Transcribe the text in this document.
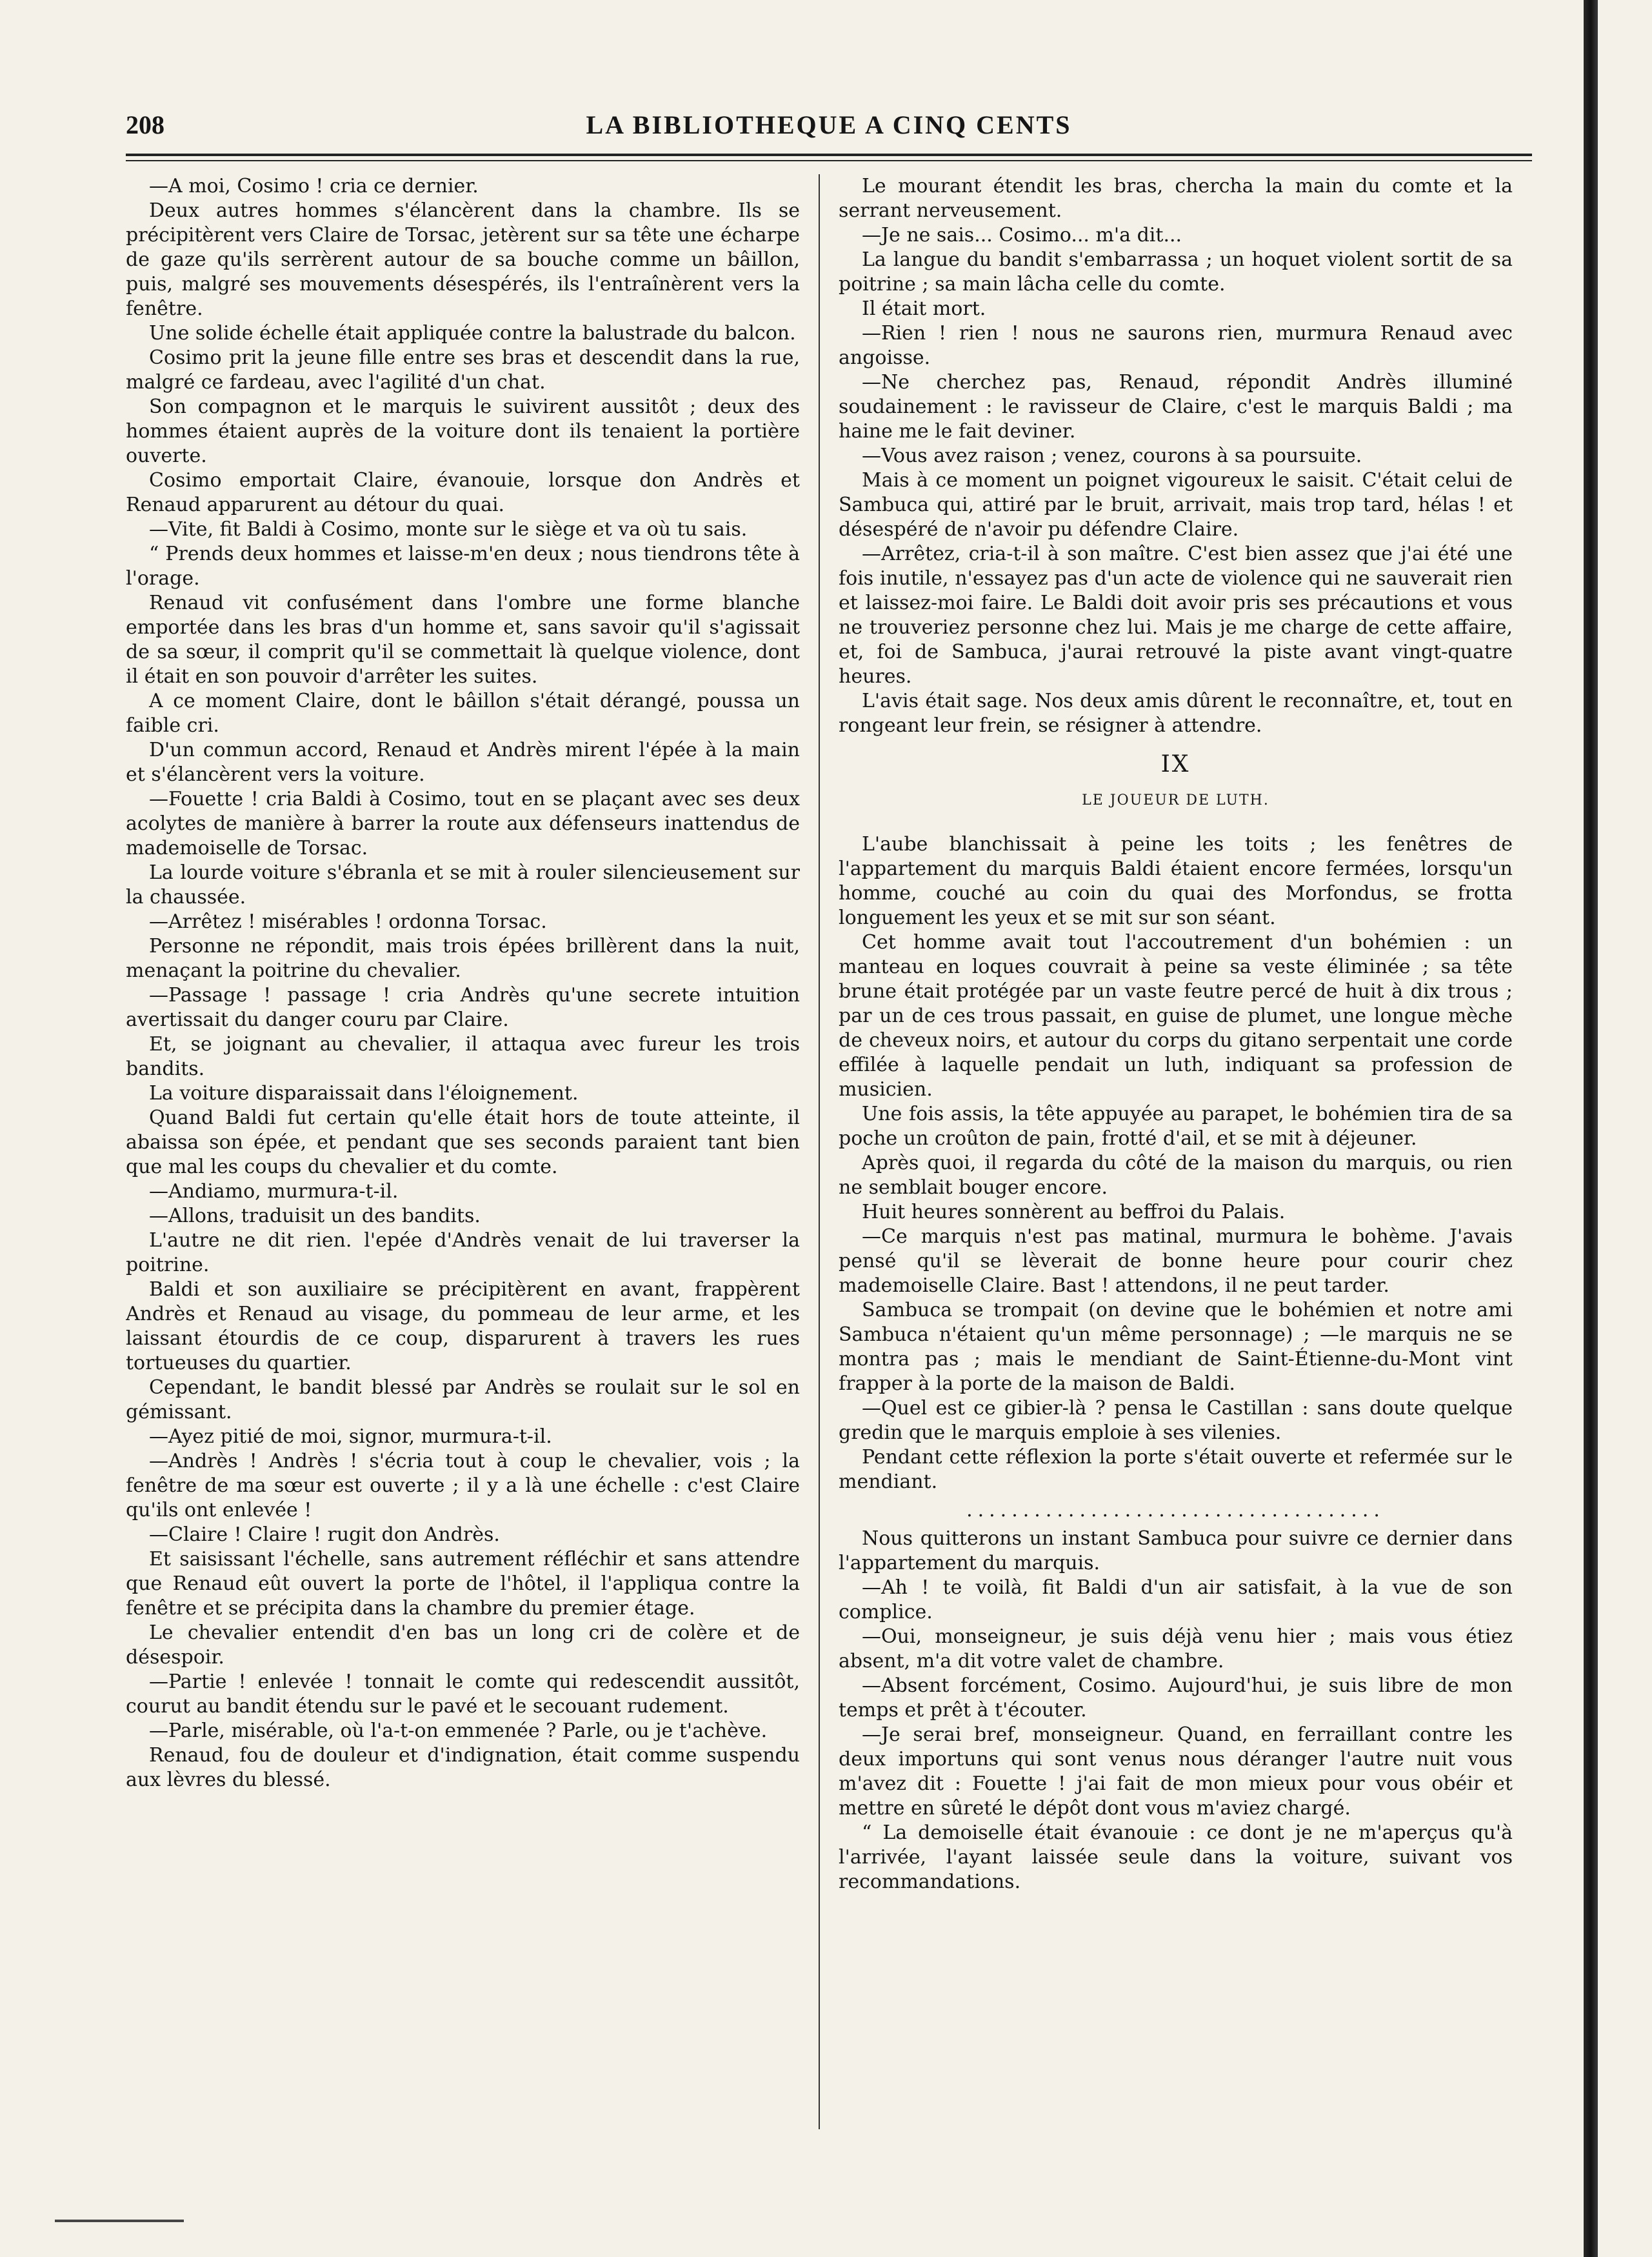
208	LA BIBLIOTHEQUE A CINQ CENTS

—A moi, Cosimo ! cria ce dernier.

Deux autres hommes s'élancèrent dans la chambre. Ils se précipitèrent vers Claire de Torsac, jetèrent sur sa tête une écharpe de gaze qu'ils serrèrent autour de sa bouche comme un bâillon, puis, malgré ses mouvements désespérés, ils l'entraînèrent vers la fenêtre.

Une solide échelle était appliquée contre la balustrade du balcon.

Cosimo prit la jeune fille entre ses bras et descendit dans la rue, malgré ce fardeau, avec l'agilité d'un chat.

Son compagnon et le marquis le suivirent aussitôt ; deux des hommes étaient auprès de la voiture dont ils tenaient la portière ouverte.

Cosimo emportait Claire, évanouie, lorsque don Andrès et Renaud apparurent au détour du quai.

—Vite, fit Baldi à Cosimo, monte sur le siège et va où tu sais.

“ Prends deux hommes et laisse-m'en deux ; nous tiendrons tête à l'orage.

Renaud vit confusément dans l'ombre une forme blanche emportée dans les bras d'un homme et, sans savoir qu'il s'agissait de sa sœur, il comprit qu'il se commettait là quelque violence, dont il était en son pouvoir d'arrêter les suites.

A ce moment Claire, dont le bâillon s'était dérangé, poussa un faible cri.

D'un commun accord, Renaud et Andrès mirent l'épée à la main et s'élancèrent vers la voiture.

—Fouette ! cria Baldi à Cosimo, tout en se plaçant avec ses deux acolytes de manière à barrer la route aux défenseurs inattendus de mademoiselle de Torsac.

La lourde voiture s'ébranla et se mit à rouler silencieusement sur la chaussée.

—Arrêtez ! misérables ! ordonna Torsac.

Personne ne répondit, mais trois épées brillèrent dans la nuit, menaçant la poitrine du chevalier.

—Passage ! passage ! cria Andrès qu'une secrete intuition avertissait du danger couru par Claire.

Et, se joignant au chevalier, il attaqua avec fureur les trois bandits.

La voiture disparaissait dans l'éloignement.

Quand Baldi fut certain qu'elle était hors de toute atteinte, il abaissa son épée, et pendant que ses seconds paraient tant bien que mal les coups du chevalier et du comte.

—Andiamo, murmura-t-il.

—Allons, traduisit un des bandits.

L'autre ne dit rien. l'epée d'Andrès venait de lui traverser la poitrine.

Baldi et son auxiliaire se précipitèrent en avant, frappèrent Andrès et Renaud au visage, du pommeau de leur arme, et les laissant étourdis de ce coup, disparurent à travers les rues tortueuses du quartier.

Cependant, le bandit blessé par Andrès se roulait sur le sol en gémissant.

—Ayez pitié de moi, signor, murmura-t-il.

—Andrès ! Andrès ! s'écria tout à coup le chevalier, vois ; la fenêtre de ma sœur est ouverte ; il y a là une échelle : c'est Claire qu'ils ont enlevée !

—Claire ! Claire ! rugit don Andrès.

Et saisissant l'échelle, sans autrement réfléchir et sans attendre que Renaud eût ouvert la porte de l'hôtel, il l'appliqua contre la fenêtre et se précipita dans la chambre du premier étage.

Le chevalier entendit d'en bas un long cri de colère et de désespoir.

—Partie ! enlevée ! tonnait le comte qui redescendit aussitôt, courut au bandit étendu sur le pavé et le secouant rudement.

—Parle, misérable, où l'a-t-on emmenée ? Parle, ou je t'achève.

Renaud, fou de douleur et d'indignation, était comme suspendu aux lèvres du blessé.

Le mourant étendit les bras, chercha la main du comte et la serrant nerveusement.

—Je ne sais... Cosimo... m'a dit...

La langue du bandit s'embarrassa ; un hoquet violent sortit de sa poitrine ; sa main lâcha celle du comte.

Il était mort.

—Rien ! rien ! nous ne saurons rien, murmura Renaud avec angoisse.

—Ne cherchez pas, Renaud, répondit Andrès illuminé soudainement : le ravisseur de Claire, c'est le marquis Baldi ; ma haine me le fait deviner.

—Vous avez raison ; venez, courons à sa poursuite.

Mais à ce moment un poignet vigoureux le saisit. C'était celui de Sambuca qui, attiré par le bruit, arrivait, mais trop tard, hélas ! et désespéré de n'avoir pu défendre Claire.

—Arrêtez, cria-t-il à son maître. C'est bien assez que j'ai été une fois inutile, n'essayez pas d'un acte de violence qui ne sauverait rien et laissez-moi faire. Le Baldi doit avoir pris ses précautions et vous ne trouveriez personne chez lui. Mais je me charge de cette affaire, et, foi de Sambuca, j'aurai retrouvé la piste avant vingt-quatre heures.

L'avis était sage. Nos deux amis dûrent le reconnaître, et, tout en rongeant leur frein, se résigner à attendre.

IX
LE JOUEUR DE LUTH.

L'aube blanchissait à peine les toits ; les fenêtres de l'appartement du marquis Baldi étaient encore fermées, lorsqu'un homme, couché au coin du quai des Morfondus, se frotta longuement les yeux et se mit sur son séant.

Cet homme avait tout l'accoutrement d'un bohémien : un manteau en loques couvrait à peine sa veste éliminée ; sa tête brune était protégée par un vaste feutre percé de huit à dix trous ; par un de ces trous passait, en guise de plumet, une longue mèche de cheveux noirs, et autour du corps du gitano serpentait une corde effilée à laquelle pendait un luth, indiquant sa profession de musicien.

Une fois assis, la tête appuyée au parapet, le bohémien tira de sa poche un croûton de pain, frotté d'ail, et se mit à déjeuner.

Après quoi, il regarda du côté de la maison du marquis, ou rien ne semblait bouger encore.

Huit heures sonnèrent au beffroi du Palais.

—Ce marquis n'est pas matinal, murmura le bohème. J'avais pensé qu'il se lèverait de bonne heure pour courir chez mademoiselle Claire. Bast ! attendons, il ne peut tarder.

Sambuca se trompait (on devine que le bohémien et notre ami Sambuca n'étaient qu'un même personnage) ; —le marquis ne se montra pas ; mais le mendiant de Saint-Étienne-du-Mont vint frapper à la porte de la maison de Baldi.

—Quel est ce gibier-là ? pensa le Castillan : sans doute quelque gredin que le marquis emploie à ses vilenies.

Pendant cette réflexion la porte s'était ouverte et refermée sur le mendiant.

.....................................

Nous quitterons un instant Sambuca pour suivre ce dernier dans l'appartement du marquis.

—Ah ! te voilà, fit Baldi d'un air satisfait, à la vue de son complice.

—Oui, monseigneur, je suis déjà venu hier ; mais vous étiez absent, m'a dit votre valet de chambre.

—Absent forcément, Cosimo. Aujourd'hui, je suis libre de mon temps et prêt à t'écouter.

—Je serai bref, monseigneur. Quand, en ferraillant contre les deux importuns qui sont venus nous déranger l'autre nuit vous m'avez dit : Fouette ! j'ai fait de mon mieux pour vous obéir et mettre en sûreté le dépôt dont vous m'aviez chargé.

“ La demoiselle était évanouie : ce dont je ne m'aperçus qu'à l'arrivée, l'ayant laissée seule dans la voiture, suivant vos recommandations.
